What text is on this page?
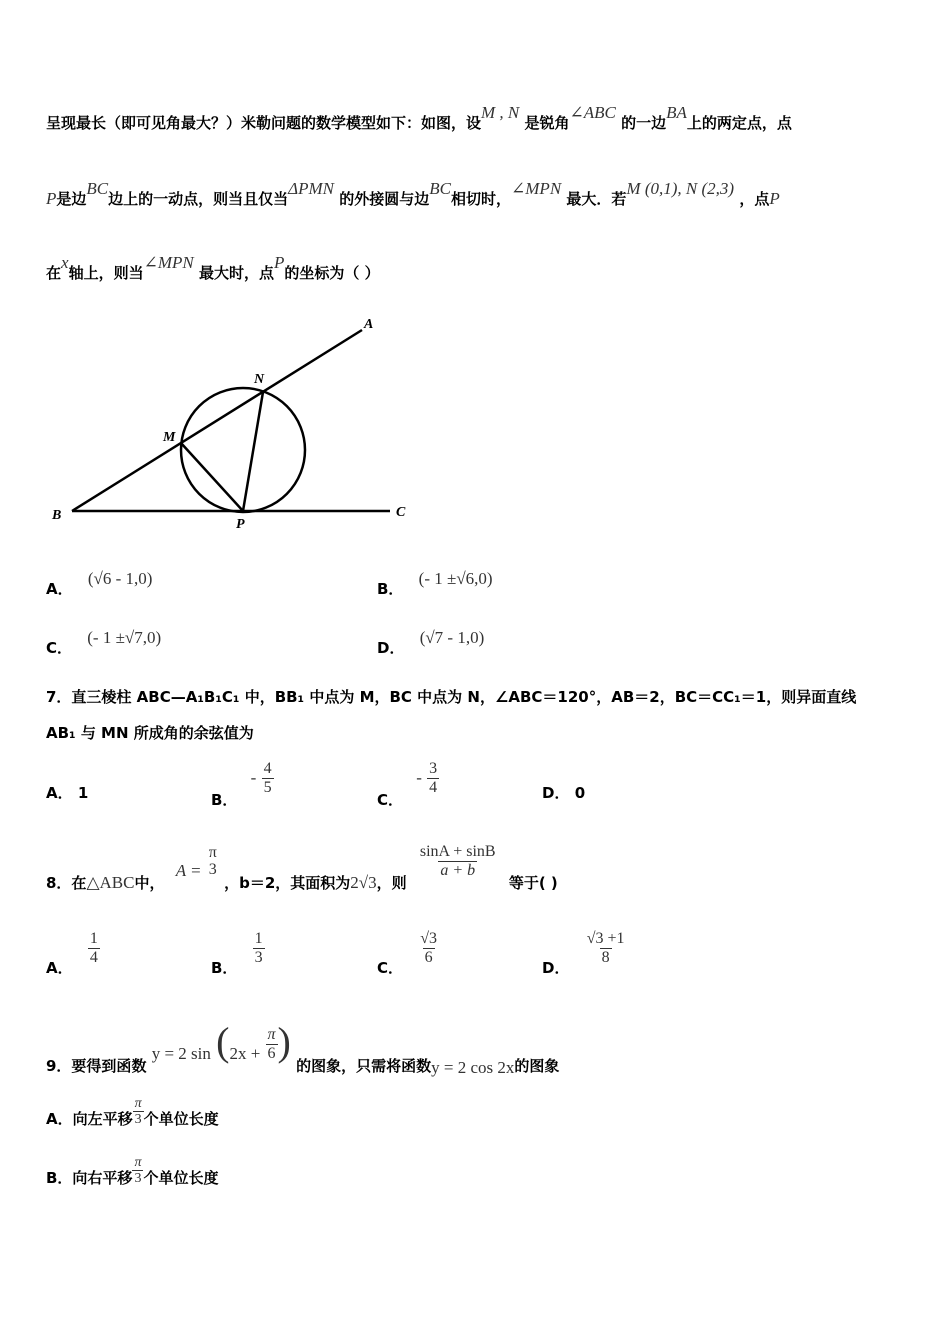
呈现最长（即可见角最大？）米勒问题的数学模型如下：如图，设M , N 是锐角∠ABC 的一边BA上的两定点，点
P是边BC边上的一动点，则当且仅当ΔPMN 的外接圆与边BC相切时，∠MPN 最大．若M (0,1), N (2,3) ，点P
在x轴上，则当∠MPN 最大时，点P的坐标为（ ）
A
N
M
B
P
C
A． (√6 - 1,0)
B． (- 1 ±√6,0)
C． (- 1 ±√7,0)
D． (√7 - 1,0)
7．直三棱柱 ABC—A₁B₁C₁ 中，BB₁ 中点为 M，BC 中点为 N，∠ABC＝120°，AB＝2，BC＝CC₁＝1，则异面直线
AB₁ 与 MN 所成角的余弦值为
A． 1	B． - $\frac{4}{5}$
C． - $\frac{3}{4}$	D． 0
8．在△ABC中， A =
π
3
，b＝2，其面积为2√3，则
$\frac{\sin A + \sin B}{a + b}$
等于( )
A．
$\frac{1}{4}$
B．
$\frac{1}{3}$
C．
$\frac{√3}{6}$
D．
$\frac{√3 +1}{8}$
9．要得到函数 y = 2 $\sin (2x + \frac{\pi}{6}$ ) 的图象，只需将函数y = 2 cos 2x的图象
A．向左平移 $\frac{\pi}{3}$ 个单位长度
B．向右平移 $\frac{\pi}{3}$ 个单位长度
